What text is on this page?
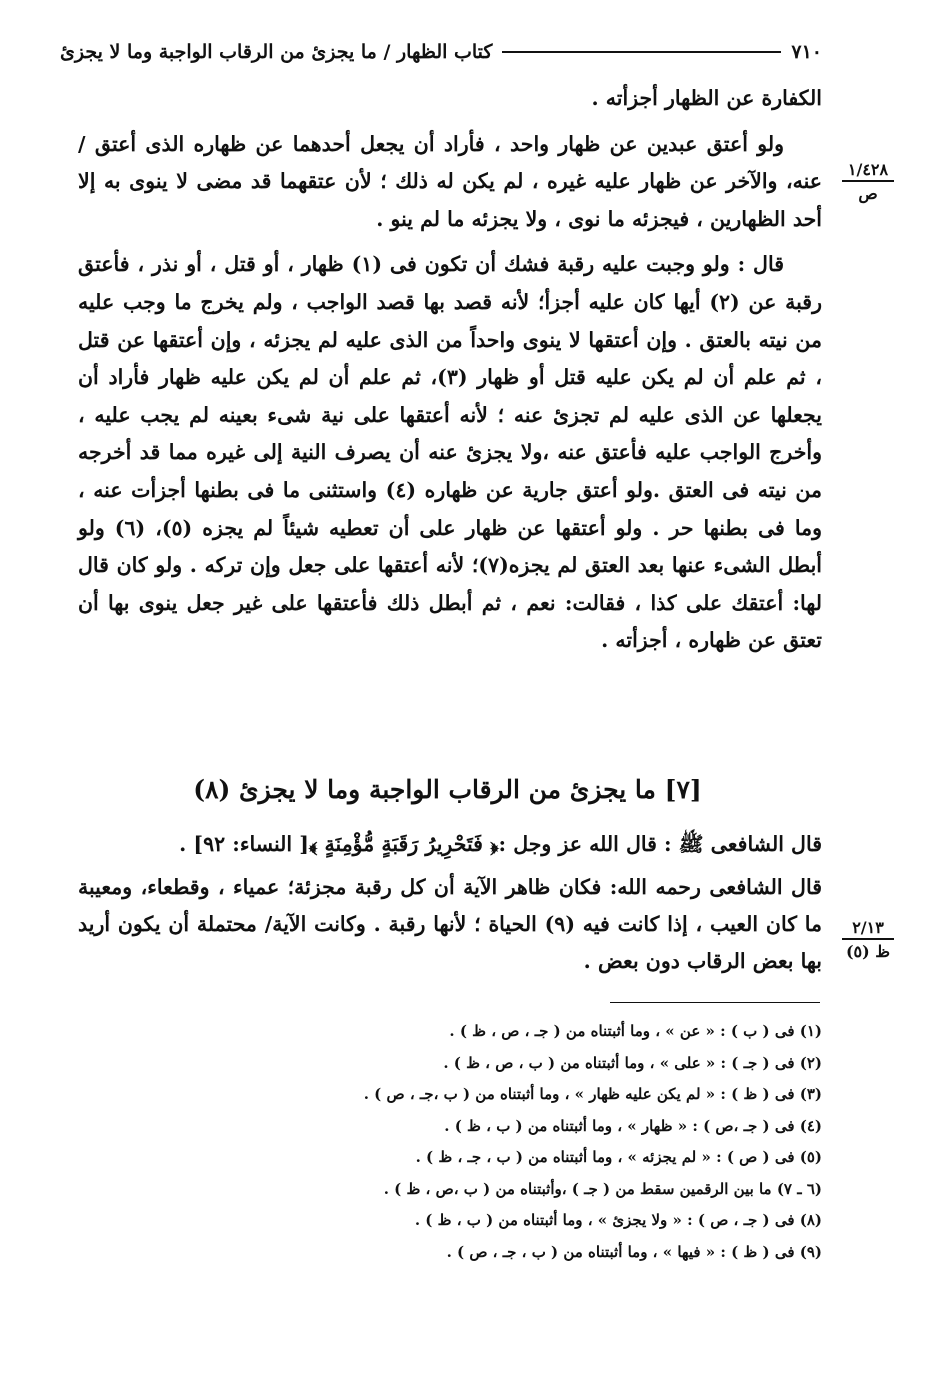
٧١٠
كتاب الظهار / ما يجزئ من الرقاب الواجبة وما لا يجزئ

الكفارة عن الظهار أجزأته .

ولو أعتق عبدين عن ظهار واحد ، فأراد أن يجعل أحدهما عن ظهاره الذى أعتق / عنه، والآخر عن ظهار عليه غيره ، لم يكن له ذلك ؛ لأن عتقهما قد مضى لا ينوى به إلا أحد الظهارين ، فيجزئه ما نوى ، ولا يجزئه ما لم ينو .

قال : ولو وجبت عليه رقبة فشك أن تكون فى (١) ظهار ، أو قتل ، أو نذر ، فأعتق رقبة عن (٢) أيها كان عليه أجزأ؛ لأنه قصد بها قصد الواجب ، ولم يخرج ما وجب عليه من نيته بالعتق . وإن أعتقها لا ينوى واحداً من الذى عليه لم يجزئه ، وإن أعتقها عن قتل ، ثم علم أن لم يكن عليه قتل أو ظهار (٣)، ثم علم أن لم يكن عليه ظهار فأراد أن يجعلها عن الذى عليه لم تجزئ عنه ؛ لأنه أعتقها على نية شىء بعينه لم يجب عليه ، وأخرج الواجب عليه فأعتق عنه ،ولا يجزئ عنه أن يصرف النية إلى غيره مما قد أخرجه من نيته فى العتق .ولو أعتق جارية عن ظهاره (٤) واستثنى ما فى بطنها أجزأت عنه ، وما فى بطنها حر . ولو أعتقها عن ظهار على أن تعطيه شيئاً لم يجزه (٥)، (٦) ولو أبطل الشىء عنها بعد العتق لم يجزه(٧)؛ لأنه أعتقها على جعل وإن تركه . ولو كان قال لها: أعتقك على كذا ، فقالت: نعم ، ثم أبطل ذلك فأعتقها على غير جعل ينوى بها أن تعتق عن ظهاره ، أجزأته .

١/٤٢٨
ص
[٧] ما يجزئ من الرقاب الواجبة وما لا يجزئ (٨)

قال الشافعى ﷺ : قال الله عز وجل :﴿ فَتَحْرِيرُ رَقَبَةٍ مُّؤْمِنَةٍ ﴾[ النساء: ٩٢] .

قال الشافعى رحمه الله: فكان ظاهر الآية أن كل رقبة مجزئة؛ عمياء ، وقطعاء، ومعيبة ما كان العيب ، إذا كانت فيه (٩) الحياة ؛ لأنها رقبة . وكانت الآية/ محتملة أن يكون أريد بها بعض الرقاب دون بعض .

٢/١٣
ظ (٥)
(١) فى ( ب ) : « عن » ، وما أثبتناه من ( جـ ، ص ، ظ ) .
(٢) فى ( جـ ) : « على » ، وما أثبتناه من ( ب ، ص ، ظ ) .
(٣) فى ( ظ ) : « لم يكن عليه ظهار » ، وما أثبتناه من ( ب ،جـ ، ص ) .
(٤) فى ( جـ ،ص ) : « ظهار » ، وما أثبتناه من ( ب ، ظ ) .
(٥) فى ( ص ) : « لم يجزئه » ، وما أثبتناه من ( ب ، جـ ، ظ ) .
(٦ ـ ٧) ما بين الرقمين سقط من ( جـ ) ،وأثبتناه من ( ب ،ص ، ظ ) .
(٨) فى ( جـ ، ص ) : « ولا يجزئ » ، وما أثبتناه من ( ب ، ظ ) .
(٩) فى ( ظ ) : « فيها » ، وما أثبتناه من ( ب ، جـ ، ص ) .
